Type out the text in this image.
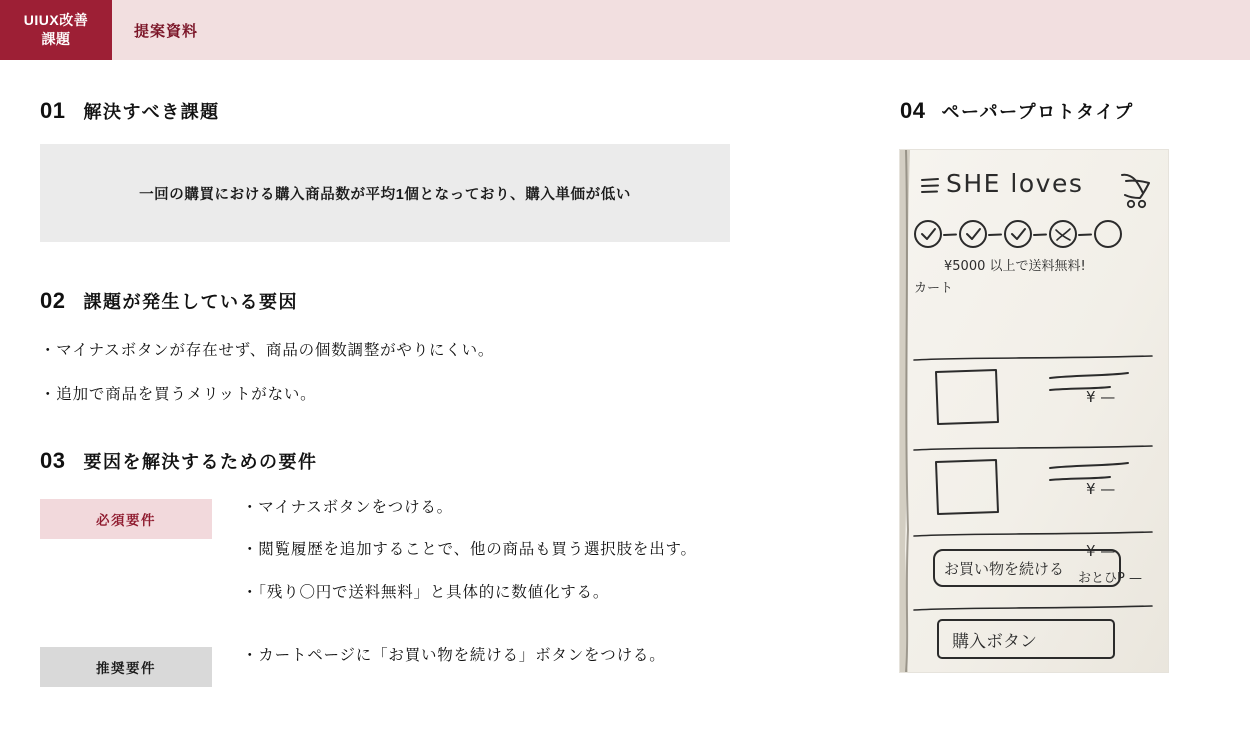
UIUX改善
課題	提案資料
01 解決すべき課題
一回の購買における購入商品数が平均1個となっており、購入単価が低い
02 課題が発生している要因
・マイナスボタンが存在せず、商品の個数調整がやりにくい。
・追加で商品を買うメリットがない。
03 要因を解決するための要件
必須要件
・マイナスボタンをつける。
・閲覧履歴を追加することで、他の商品も買う選択肢を出す。
・「残り〇円で送料無料」と具体的に数値化する。
推奨要件
・カートページに「お買い物を続ける」ボタンをつける。
04 ペーパープロトタイプ
SHE loves
¥5000 以上で送料無料!
カート
¥ —
¥ —
¥ —
おとひP —
お買い物を続ける
購入ボタン
